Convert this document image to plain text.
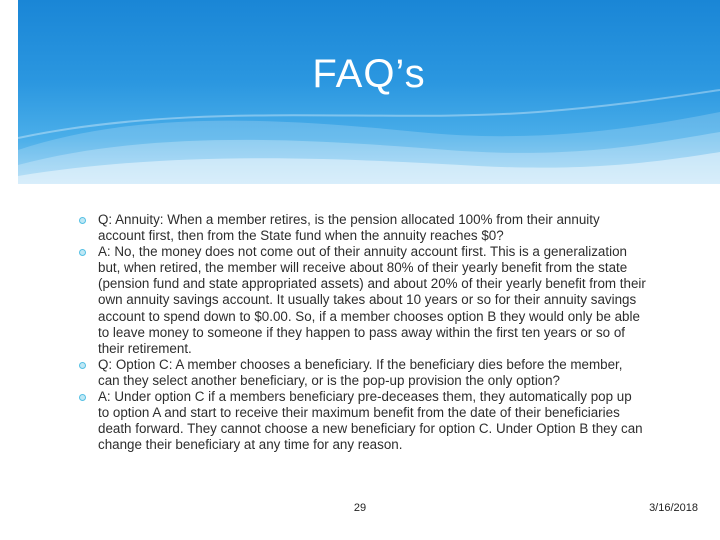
FAQ’s
Q: Annuity: When a member retires, is the pension allocated 100% from their annuity account first, then from the State fund when the annuity reaches $0?
A: No, the money does not come out of their annuity account first. This is a generalization but, when retired, the member will receive about 80% of their yearly benefit from the state (pension fund and state appropriated assets) and about 20% of their yearly benefit from their own annuity savings account. It usually takes about 10 years or so for their annuity savings account to spend down to $0.00. So, if a member chooses option B they would only be able to leave money to someone if they happen to pass away within the first ten years or so of their retirement.
Q: Option C: A member chooses a beneficiary. If the beneficiary dies before the member, can they select another beneficiary, or is the pop-up provision the only option?
A: Under option C if a members beneficiary pre-deceases them, they automatically pop up to option A and start to receive their maximum benefit from the date of their beneficiaries death forward. They cannot choose a new beneficiary for option C. Under Option B they can change their beneficiary at any time for any reason.
29	3/16/2018
